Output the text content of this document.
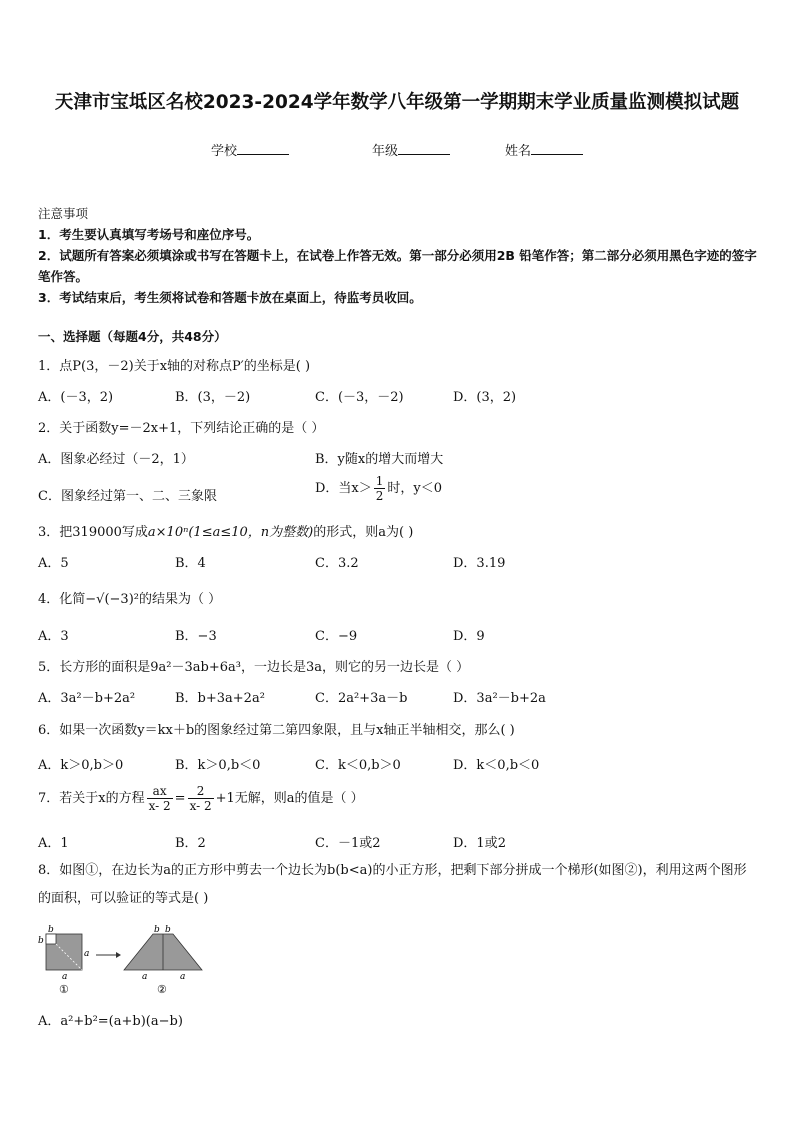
天津市宝坻区名校2023-2024学年数学八年级第一学期期末学业质量监测模拟试题
学校	年级	姓名

注意事项

1．考生要认真填写考场号和座位序号。

2．试题所有答案必须填涂或书写在答题卡上，在试卷上作答无效。第一部分必须用2B 铅笔作答；第二部分必须用黑色字迹的签字笔作答。

3．考试结束后，考生须将试卷和答题卡放在桌面上，待监考员收回。

一、选择题（每题4分，共48分）
1．点P(3，－2)关于x轴的对称点P′的坐标是( )
A．(－3，2)	B．(3，－2)	C．(－3，－2)	D．(3，2)
2．关于函数y=－2x+1，下列结论正确的是（ ）
A．图象必经过（－2，1）	B．y随x的增大而增大
C．图象经过第一、二、三象限
D．当$x> \frac{1}{2}$ 时，y＜0
3．把319000写成a×10ⁿ(1≤a≤10，n为整数)的形式，则a为( )
A．5	B．4	C．3.2	D．3.19
4．化简−√(−3)²的结果为（ ）
A．3	B．−3	C．−9	D．9
5．长方形的面积是9a²－3ab+6a³，一边长是3a，则它的另一边长是（ ）
A．3a²－b+2a²	B．b+3a+2a²	C．2a²+3a－b	D．3a²－b+2a
6．如果一次函数y＝kx＋b的图象经过第二第四象限，且与x轴正半轴相交，那么( )
A．k＞0,b＞0	B．k＞0,b＜0	C．k＜0,b＞0	D．k＜0,b＜0
7．若关于x的方程 $\frac{ax}{x- 2} = \frac{2}{x- 2} +1$无解，则a的值是（ ）
A．1	B．2	C．－1或2	D．1或2
8．如图①，在边长为a的正方形中剪去一个边长为b(b<a)的小正方形，把剩下部分拼成一个梯形(如图②)，利用这两个图形的面积，可以验证的等式是( )
b
b
a
a
①
b b
a	a
②
A．a²+b²=(a+b)(a−b)
